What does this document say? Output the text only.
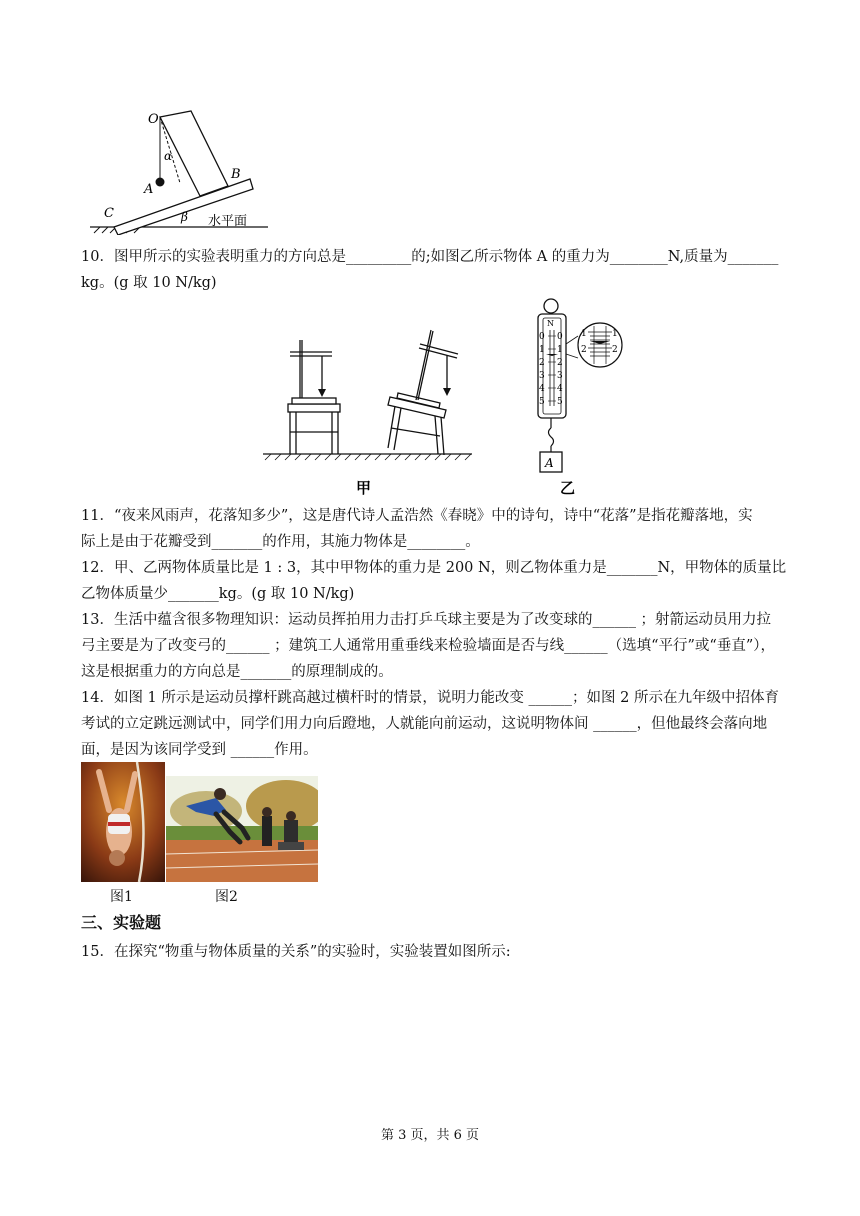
O
α
A
B
C	β 水平面
10．图甲所示的实验表明重力的方向总是_________的;如图乙所示物体 A 的重力为________N,质量为_______
kg。(g 取 10 N/kg)
甲
A
N
0
1
2
3
4
5
0
1
2
3
4
5
1
2
1
2
乙
11．“夜来风雨声，花落知多少”，这是唐代诗人孟浩然《春晓》中的诗句，诗中“花落”是指花瓣落地，实
际上是由于花瓣受到_______的作用，其施力物体是________。
12．甲、乙两物体质量比是 1 : 3，其中甲物体的重力是 200 N，则乙物体重力是_______N，甲物体的质量比
乙物体质量少_______kg。(g 取 10 N/kg)
13．生活中蕴含很多物理知识：运动员挥拍用力击打乒乓球主要是为了改变球的______ ；射箭运动员用力拉
弓主要是为了改变弓的______ ；建筑工人通常用重垂线来检验墙面是否与线______（选填“平行”或“垂直”），
这是根据重力的方向总是_______的原理制成的。
14．如图 1 所示是运动员撑杆跳高越过横杆时的情景，说明力能改变 ______；如图 2 所示在九年级中招体育
考试的立定跳远测试中，同学们用力向后蹬地，人就能向前运动，这说明物体间 ______，但他最终会落向地
面，是因为该同学受到 ______作用。
图1	图2
三、实验题
15．在探究“物重与物体质量的关系”的实验时，实验装置如图所示:
第 3 页，共 6 页
